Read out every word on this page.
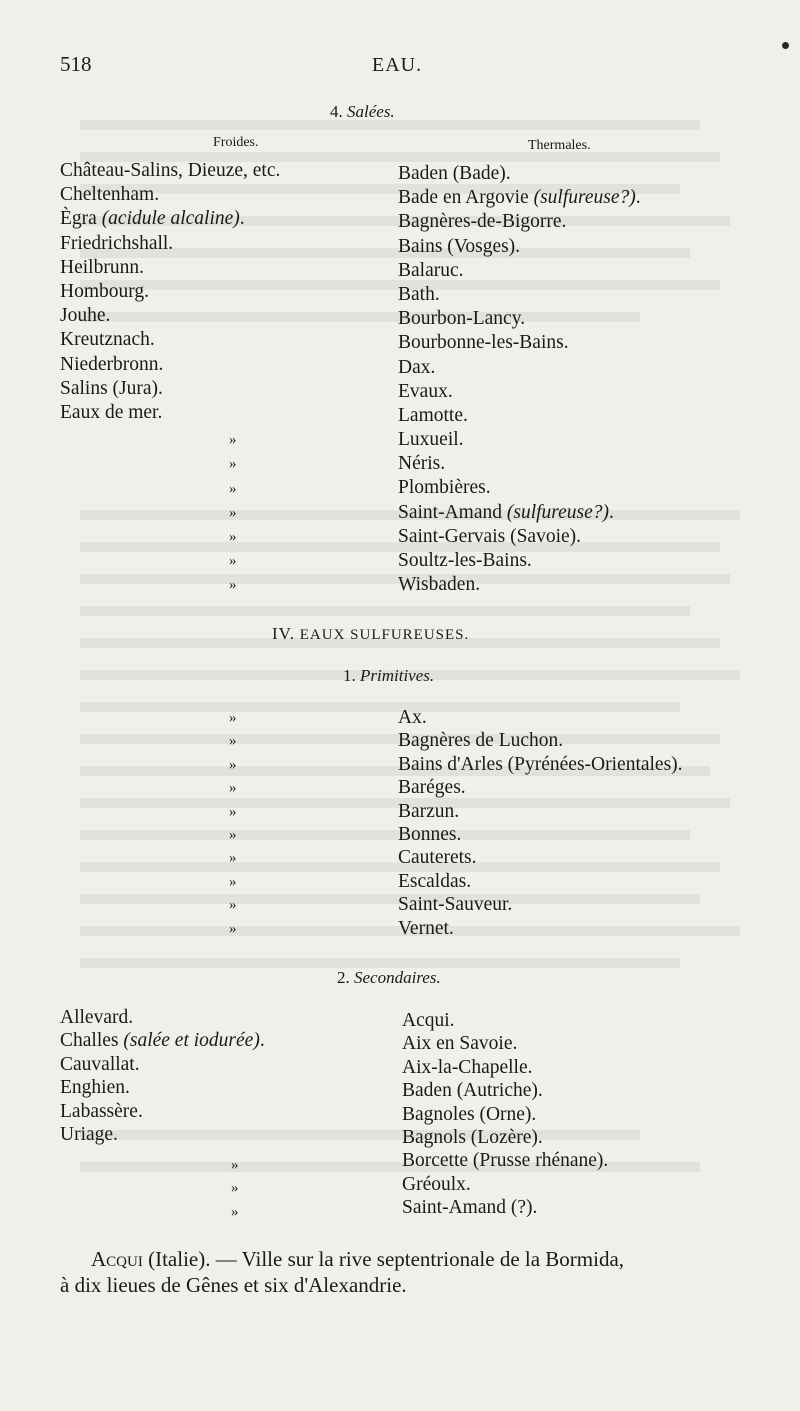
518	EAU.
4. Salées.
Froides.	Thermales.
Château-Salins, Dieuze, etc.
Cheltenham.
Ègra (acidule alcaline).
Friedrichshall.
Heilbrunn.
Hombourg.
Jouhe.
Kreutznach.
Niederbronn.
Salins (Jura).
Eaux de mer.
Baden (Bade).
Bade en Argovie (sulfureuse?).
Bagnères-de-Bigorre.
Bains (Vosges).
Balaruc.
Bath.
Bourbon-Lancy.
Bourbonne-les-Bains.
Dax.
Evaux.
Lamotte.
Luxueil.
Néris.
Plombières.
Saint-Amand (sulfureuse?).
Saint-Gervais (Savoie).
Soultz-les-Bains.
Wisbaden.
»
»
»
»
»
»
»
IV. EAUX SULFUREUSES.
1. Primitives.
Ax.
Bagnères de Luchon.
Bains d'Arles (Pyrénées-Orientales).
Baréges.
Barzun.
Bonnes.
Cauterets.
Escaldas.
Saint-Sauveur.
Vernet.
»
»
»
»
»
»
»
»
»
»
2. Secondaires.
Allevard.
Challes (salée et iodurée).
Cauvallat.
Enghien.
Labassère.
Uriage.
Acqui.
Aix en Savoie.
Aix-la-Chapelle.
Baden (Autriche).
Bagnoles (Orne).
Bagnols (Lozère).
Borcette (Prusse rhénane).
Gréoulx.
Saint-Amand (?).
»
»
»
Acqui (Italie). — Ville sur la rive septentrionale de la Bormida,
à dix lieues de Gênes et six d'Alexandrie.
